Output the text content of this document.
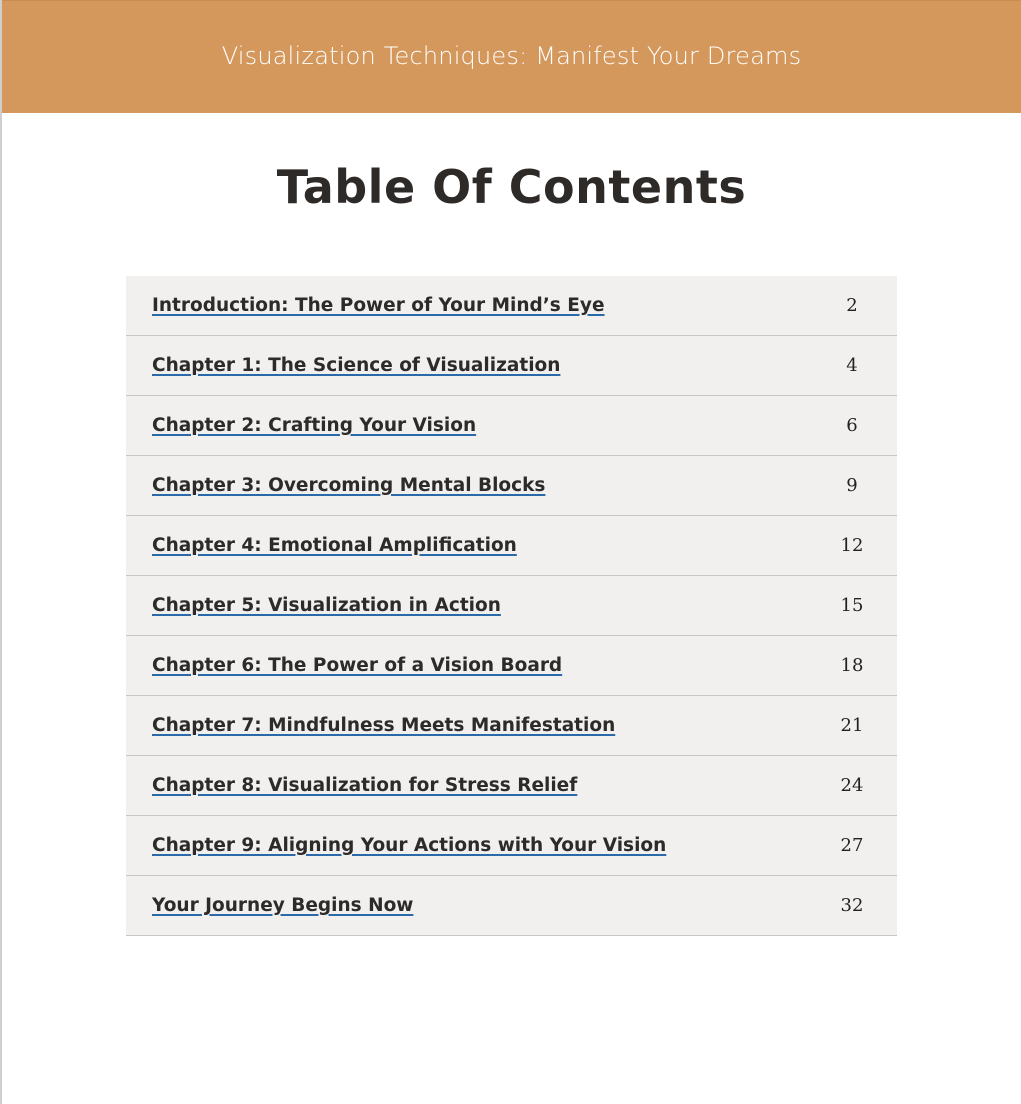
Visualization Techniques: Manifest Your Dreams
Table Of Contents
Introduction: The Power of Your Mind’s Eye	2
Chapter 1: The Science of Visualization	4
Chapter 2: Crafting Your Vision	6
Chapter 3: Overcoming Mental Blocks	9
Chapter 4: Emotional Amplification	12
Chapter 5: Visualization in Action	15
Chapter 6: The Power of a Vision Board	18
Chapter 7: Mindfulness Meets Manifestation	21
Chapter 8: Visualization for Stress Relief	24
Chapter 9: Aligning Your Actions with Your Vision	27
Your Journey Begins Now	32
